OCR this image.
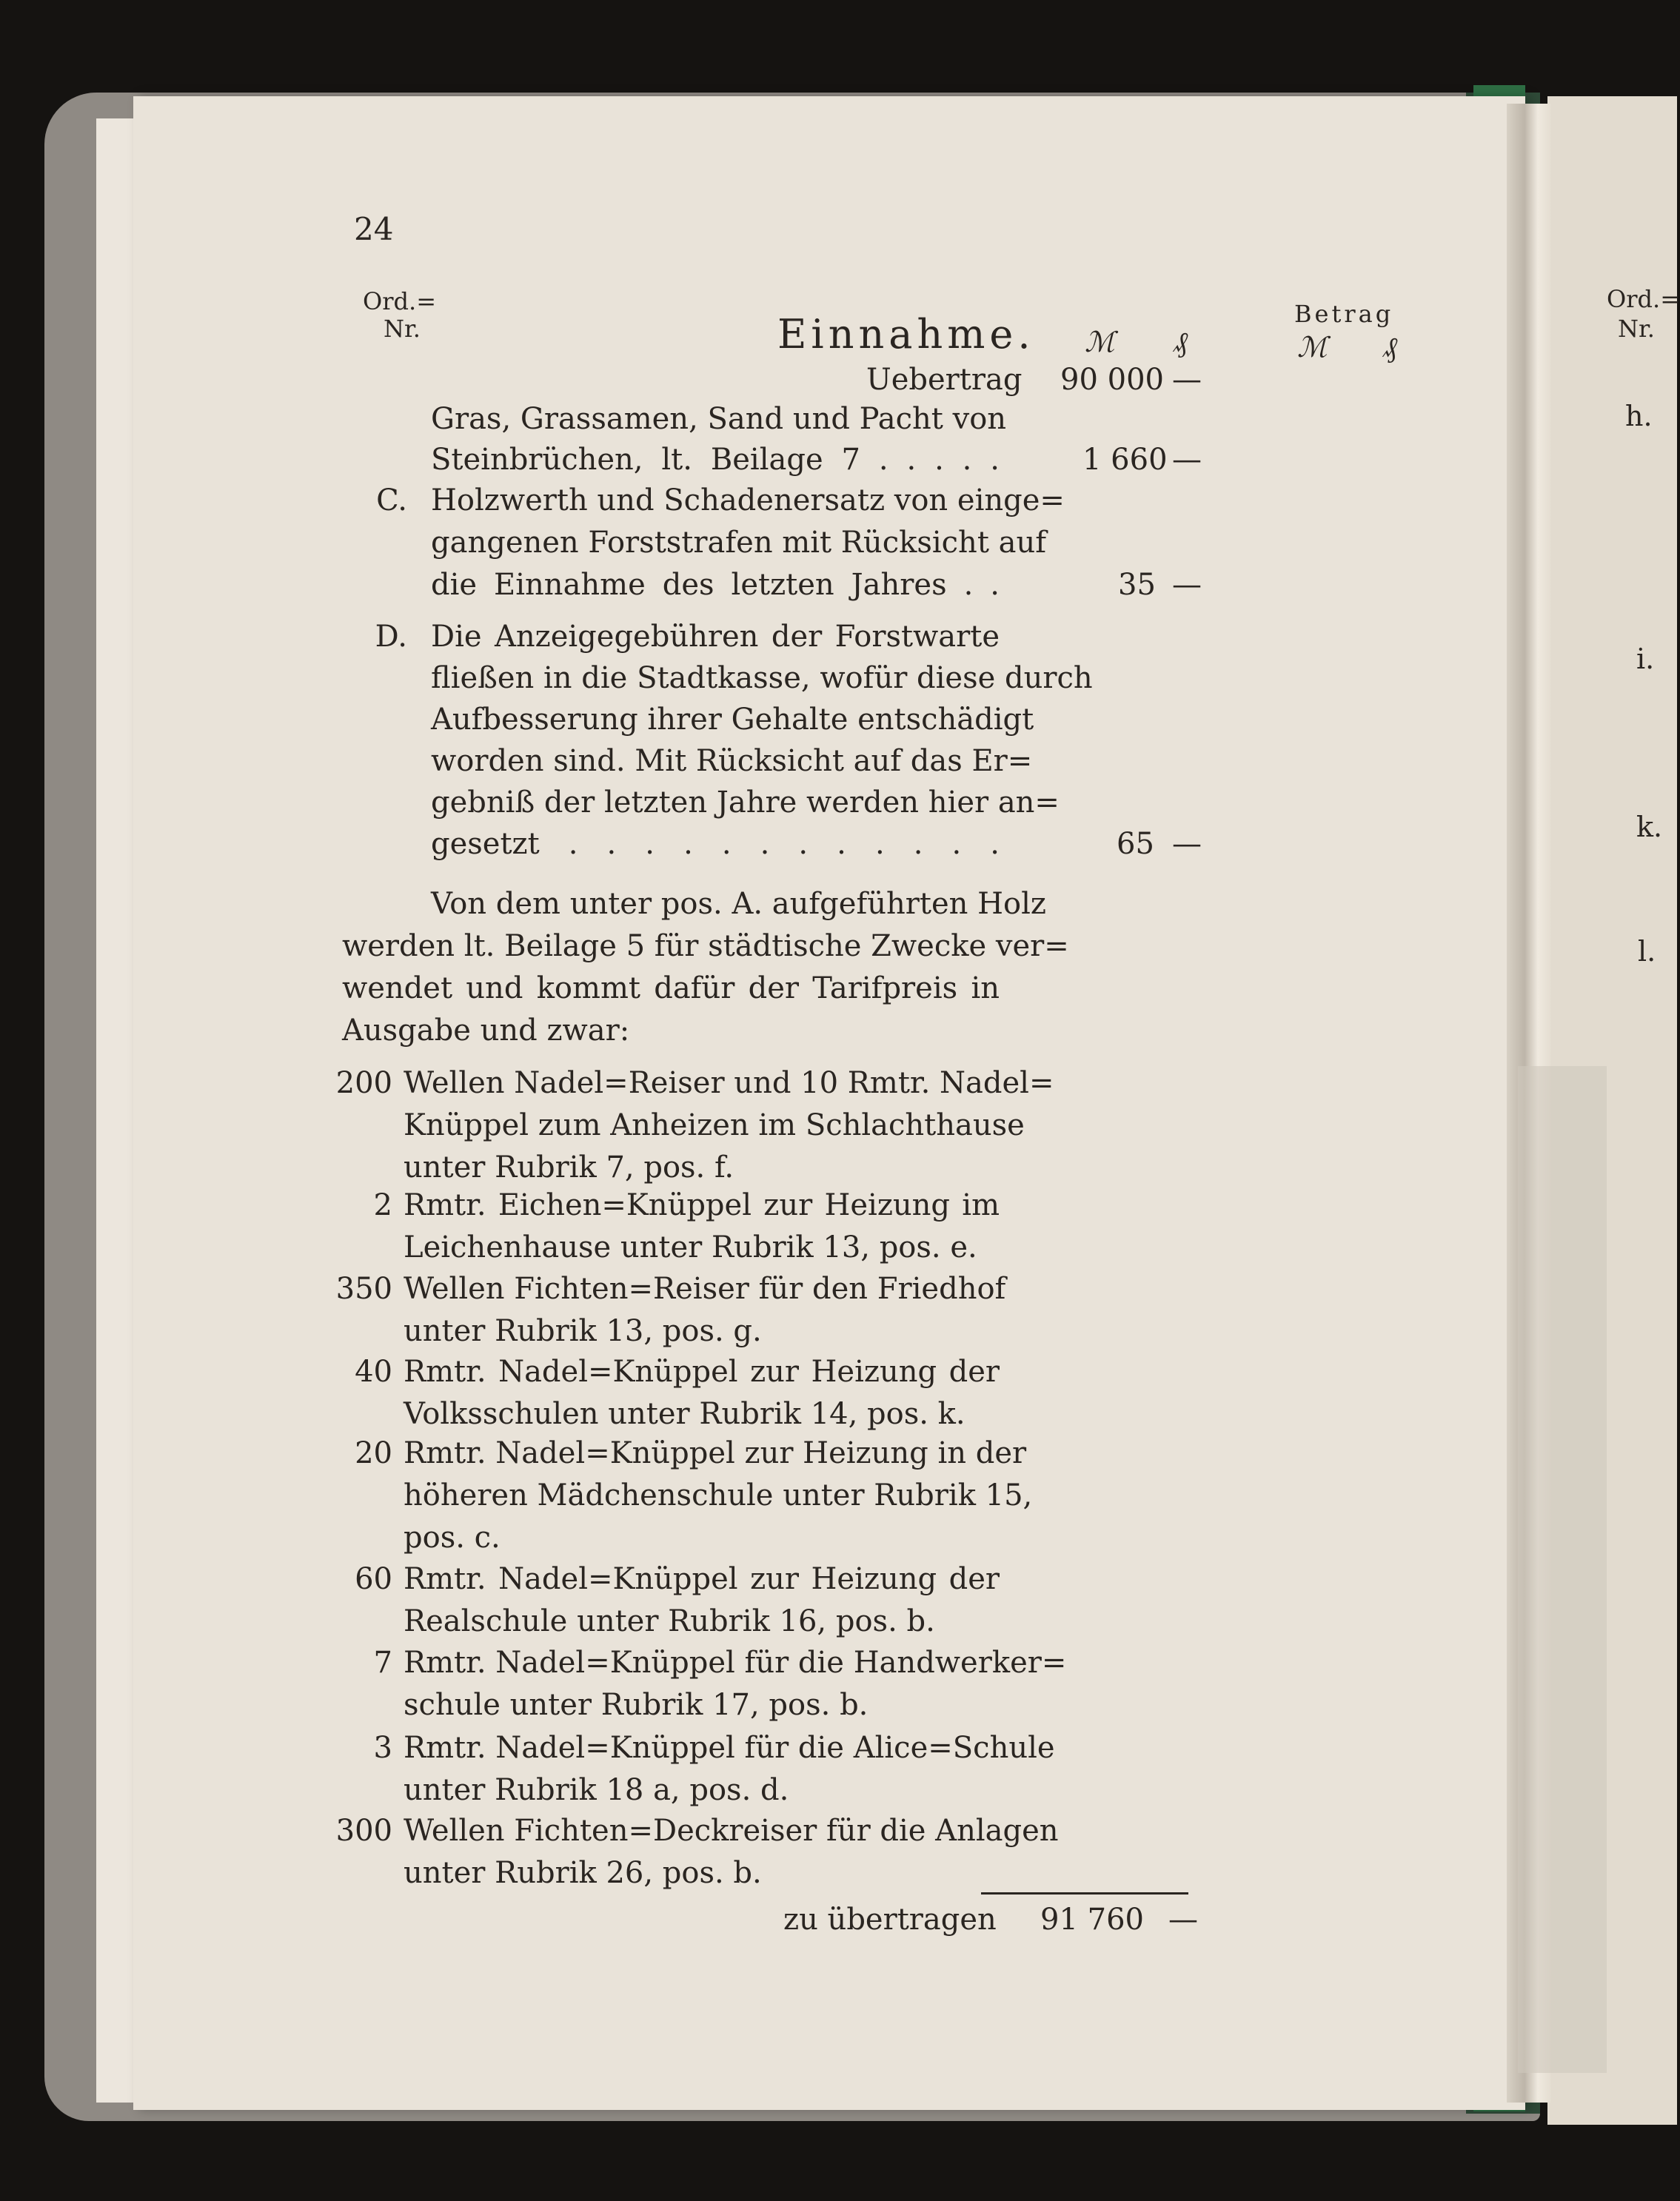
24
Ord.=
Nr.	Einnahme. ℳ ₰
Uebertrag 90 000 —
Gras, Grassamen, Sand und Pacht von
Steinbrüchen, lt. Beilage 7 . . . . .	1 660 —
C. Holzwerth und Schadenersatz von einge=
gangenen Forststrafen mit Rücksicht auf
die Einnahme des letzten Jahres . .	35 —
D. Die Anzeigegebühren der Forstwarte
fließen in die Stadtkasse, wofür diese durch
Aufbesserung ihrer Gehalte entschädigt
worden sind. Mit Rücksicht auf das Er=
gebniß der letzten Jahre werden hier an=
gesetzt . . . . . . . . . . . .	65 —
Von dem unter pos. A. aufgeführten Holz
werden lt. Beilage 5 für städtische Zwecke ver=
wendet und kommt dafür der Tarifpreis in
Ausgabe und zwar:
200 Wellen Nadel=Reiser und 10 Rmtr. Nadel=
Knüppel zum Anheizen im Schlachthause
unter Rubrik 7, pos. f.
2 Rmtr. Eichen=Knüppel zur Heizung im
Leichenhause unter Rubrik 13, pos. e.
350 Wellen Fichten=Reiser für den Friedhof
unter Rubrik 13, pos. g.
40 Rmtr. Nadel=Knüppel zur Heizung der
Volksschulen unter Rubrik 14, pos. k.
20 Rmtr. Nadel=Knüppel zur Heizung in der
höheren Mädchenschule unter Rubrik 15,
pos. c.
60 Rmtr. Nadel=Knüppel zur Heizung der
Realschule unter Rubrik 16, pos. b.
7 Rmtr. Nadel=Knüppel für die Handwerker=
schule unter Rubrik 17, pos. b.
3 Rmtr. Nadel=Knüppel für die Alice=Schule
unter Rubrik 18 a, pos. d.
300 Wellen Fichten=Deckreiser für die Anlagen
unter Rubrik 26, pos. b.
zu übertragen 91 760 —
Betrag
ℳ ₰
Ord.=
Nr.
h.
i.
k.
l.
